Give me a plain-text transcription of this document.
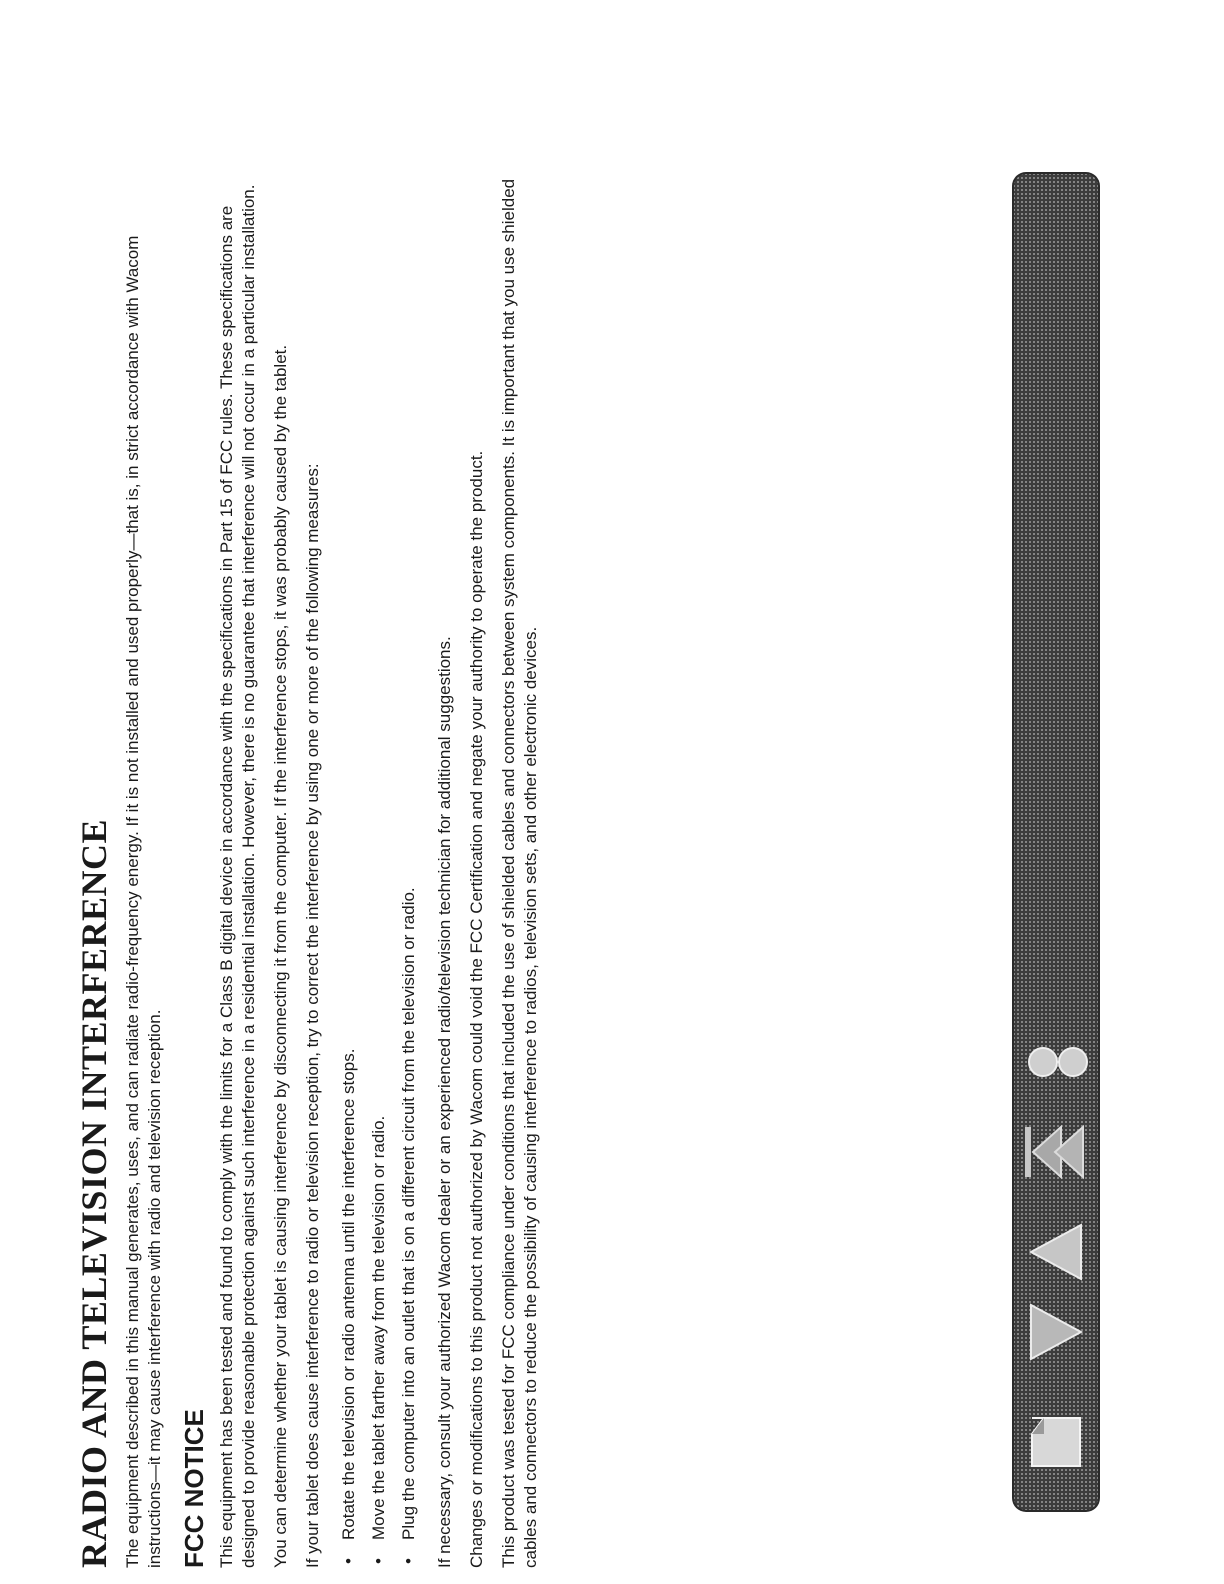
RADIO AND TELEVISION INTERFERENCE The equipment described in this manual generates, uses, and can radiate radio-frequency energy. If it is not installed and used properly—that is, in strict accordance with Wacom instructions—it may cause interference with radio and television reception. FCC NOTICE This equipment has been tested and found to comply with the limits for a Class B digital device in accordance with the specifications in Part 15 of FCC rules. These specifications are designed to provide reasonable protection against such interference in a residential installation. However, there is no guarantee that interference will not occur in a particular installation. You can determine whether your tablet is causing interference by disconnecting it from the computer. If the interference stops, it was probably caused by the tablet. If your tablet does cause interference to radio or television reception, try to correct the interference by using one or more of the following measures: • Rotate the television or radio antenna until the interference stops. • Move the tablet farther away from the television or radio. • Plug the computer into an outlet that is on a different circuit from the television or radio.	If necessary, consult your authorized Wacom dealer or an experienced radio/television technician for additional suggestions. Changes or modifications to this product not authorized by Wacom could void the FCC Certification and negate your authority to operate the product. This product was tested for FCC compliance under conditions that included the use of shielded cables and connectors between system components. It is important that you use shielded cables and connectors to reduce the possibility of causing interference to radios, television sets, and other electronic devices.
